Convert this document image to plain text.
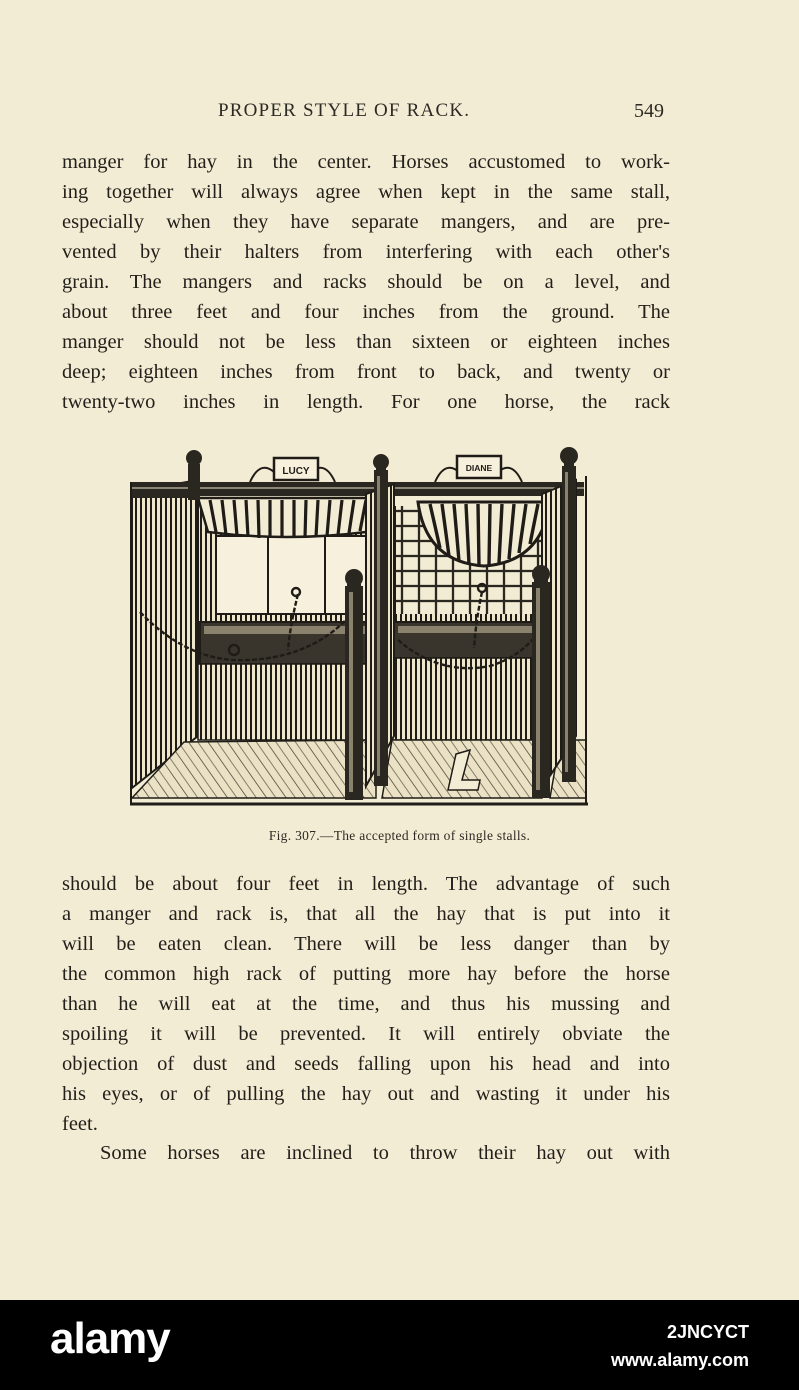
PROPER STYLE OF RACK.	549

manger for hay in the center. Horses accustomed to work-
ing together will always agree when kept in the same stall,
especially when they have separate mangers, and are pre-
vented by their halters from interfering with each other's
grain. The mangers and racks should be on a level, and
about three feet and four inches from the ground. The
manger should not be less than sixteen or eighteen inches
deep; eighteen inches from front to back, and twenty or
twenty-two inches in length. For one horse, the rack

LUCY	DIANE
Fig. 307.—The accepted form of single stalls.

should be about four feet in length. The advantage of such
a manger and rack is, that all the hay that is put into it
will be eaten clean. There will be less danger than by
the common high rack of putting more hay before the horse
than he will eat at the time, and thus his mussing and
spoiling it will be prevented. It will entirely obviate the
objection of dust and seeds falling upon his head and into
his eyes, or of pulling the hay out and wasting it under his
feet.

Some horses are inclined to throw their hay out with

alamy	2JNCYCT
www.alamy.com
